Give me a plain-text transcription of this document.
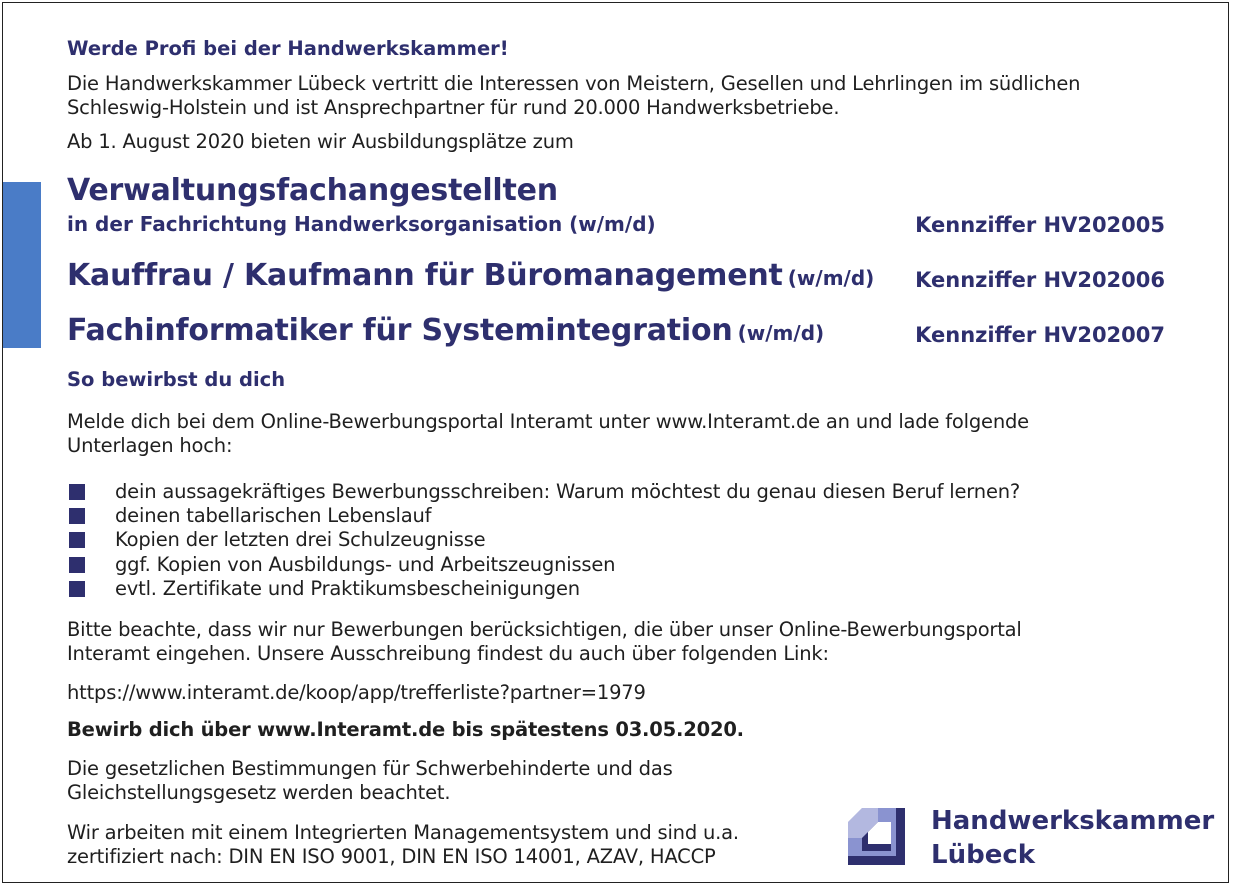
Werde Profi bei der Handwerkskammer!
Die Handwerkskammer Lübeck vertritt die Interessen von Meistern, Gesellen und Lehrlingen im südlichen
Schleswig-Holstein und ist Ansprechpartner für rund 20.000 Handwerksbetriebe.
Ab 1. August 2020 bieten wir Ausbildungsplätze zum
Verwaltungsfachangestellten
in der Fachrichtung Handwerksorganisation (w/m/d)	Kennziffer HV202005
Kauffrau / Kaufmann für Büromanagement (w/m/d) Kennziffer HV202006
Fachinformatiker für Systemintegration (w/m/d)	Kennziffer HV202007
So bewirbst du dich
Melde dich bei dem Online-Bewerbungsportal Interamt unter www.Interamt.de an und lade folgende
Unterlagen hoch:
dein aussagekräftiges Bewerbungsschreiben: Warum möchtest du genau diesen Beruf lernen?
deinen tabellarischen Lebenslauf
Kopien der letzten drei Schulzeugnisse
ggf. Kopien von Ausbildungs- und Arbeitszeugnissen
evtl. Zertifikate und Praktikumsbescheinigungen
Bitte beachte, dass wir nur Bewerbungen berücksichtigen, die über unser Online-Bewerbungsportal
Interamt eingehen. Unsere Ausschreibung findest du auch über folgenden Link:
https://www.interamt.de/koop/app/trefferliste?partner=1979
Bewirb dich über www.Interamt.de bis spätestens 03.05.2020.
Die gesetzlichen Bestimmungen für Schwerbehinderte und das
Gleichstellungsgesetz werden beachtet.
Wir arbeiten mit einem Integrierten Managementsystem und sind u.a.
zertifiziert nach: DIN EN ISO 9001, DIN EN ISO 14001, AZAV, HACCP
Handwerkskammer
Lübeck
